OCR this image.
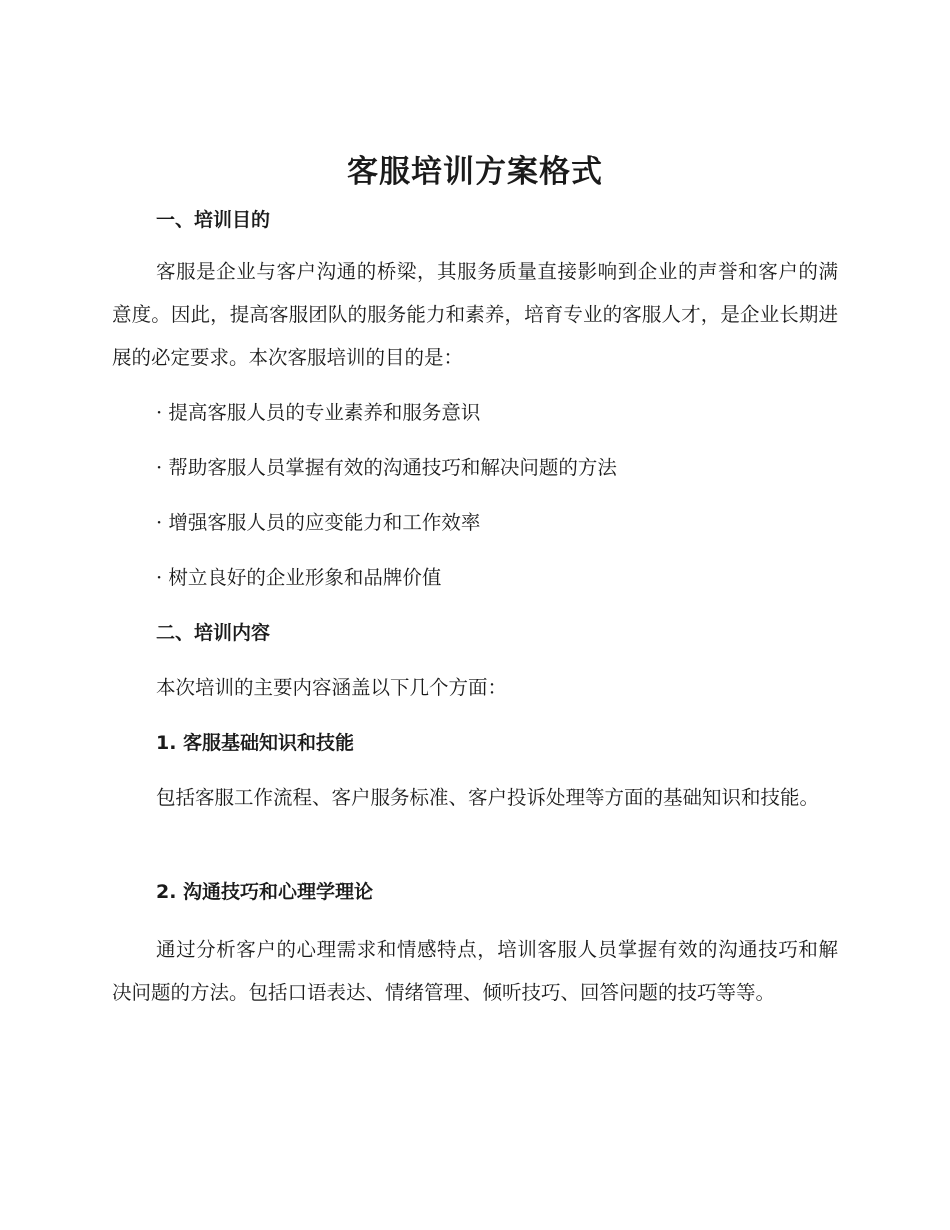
客服培训方案格式
一、培训目的
客服是企业与客户沟通的桥梁，其服务质量直接影响到企业的声誉和客户的满意度。因此，提高客服团队的服务能力和素养，培育专业的客服人才，是企业长期进展的必定要求。本次客服培训的目的是：
· 提高客服人员的专业素养和服务意识
· 帮助客服人员掌握有效的沟通技巧和解决问题的方法
· 增强客服人员的应变能力和工作效率
· 树立良好的企业形象和品牌价值
二、培训内容
本次培训的主要内容涵盖以下几个方面：
1. 客服基础知识和技能
包括客服工作流程、客户服务标准、客户投诉处理等方面的基础知识和技能。
2. 沟通技巧和心理学理论
通过分析客户的心理需求和情感特点，培训客服人员掌握有效的沟通技巧和解决问题的方法。包括口语表达、情绪管理、倾听技巧、回答问题的技巧等等。
